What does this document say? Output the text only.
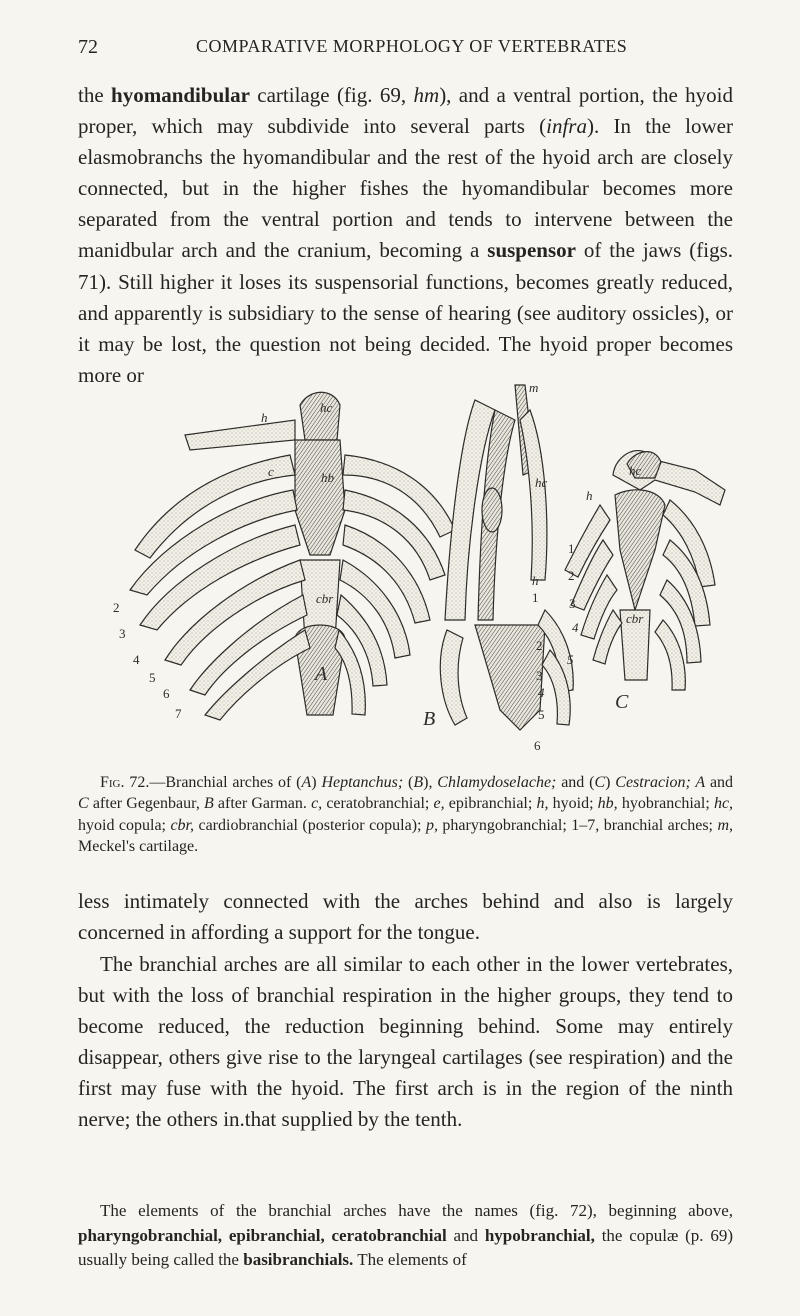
72	COMPARATIVE MORPHOLOGY OF VERTEBRATES

the hyomandibular cartilage (fig. 69, hm), and a ventral portion, the hyoid proper, which may subdivide into several parts (infra). In the lower elasmobranchs the hyomandibular and the rest of the hyoid arch are closely connected, but in the higher fishes the hyomandibular becomes more separated from the ventral portion and tends to intervene between the manidbular arch and the cranium, becoming a suspensor of the jaws (figs. 71). Still higher it loses its suspensorial functions, becomes greatly reduced, and apparently is subsidiary to the sense of hearing (see auditory ossicles), or it may be lost, the question not being decided. The hyoid proper becomes more or

A
hc
h
c	hb
cbr
2
3
4
5
6
7	B
m
hc
h
1
2
3
4
5
6
C
hc
h
cbr
1
2
3
4
5

Fig. 72.—Branchial arches of (A) Heptanchus; (B), Chlamydoselache; and (C) Cestracion; A and C after Gegenbaur, B after Garman. c, ceratobranchial; e, epibranchial; h, hyoid; hb, hyobranchial; hc, hyoid copula; cbr, cardiobranchial (posterior copula); p, pharyngobranchial; 1–7, branchial arches; m, Meckel's cartilage.

less intimately connected with the arches behind and also is largely concerned in affording a support for the tongue.

The branchial arches are all similar to each other in the lower vertebrates, but with the loss of branchial respiration in the higher groups, they tend to become reduced, the reduction beginning behind. Some may entirely disappear, others give rise to the laryngeal cartilages (see respiration) and the first may fuse with the hyoid. The first arch is in the region of the ninth nerve; the others in.that supplied by the tenth.

The elements of the branchial arches have the names (fig. 72), beginning above, pharyngobranchial, epibranchial, ceratobranchial and hypobranchial, the copulæ (p. 69) usually being called the basibranchials. The elements of
